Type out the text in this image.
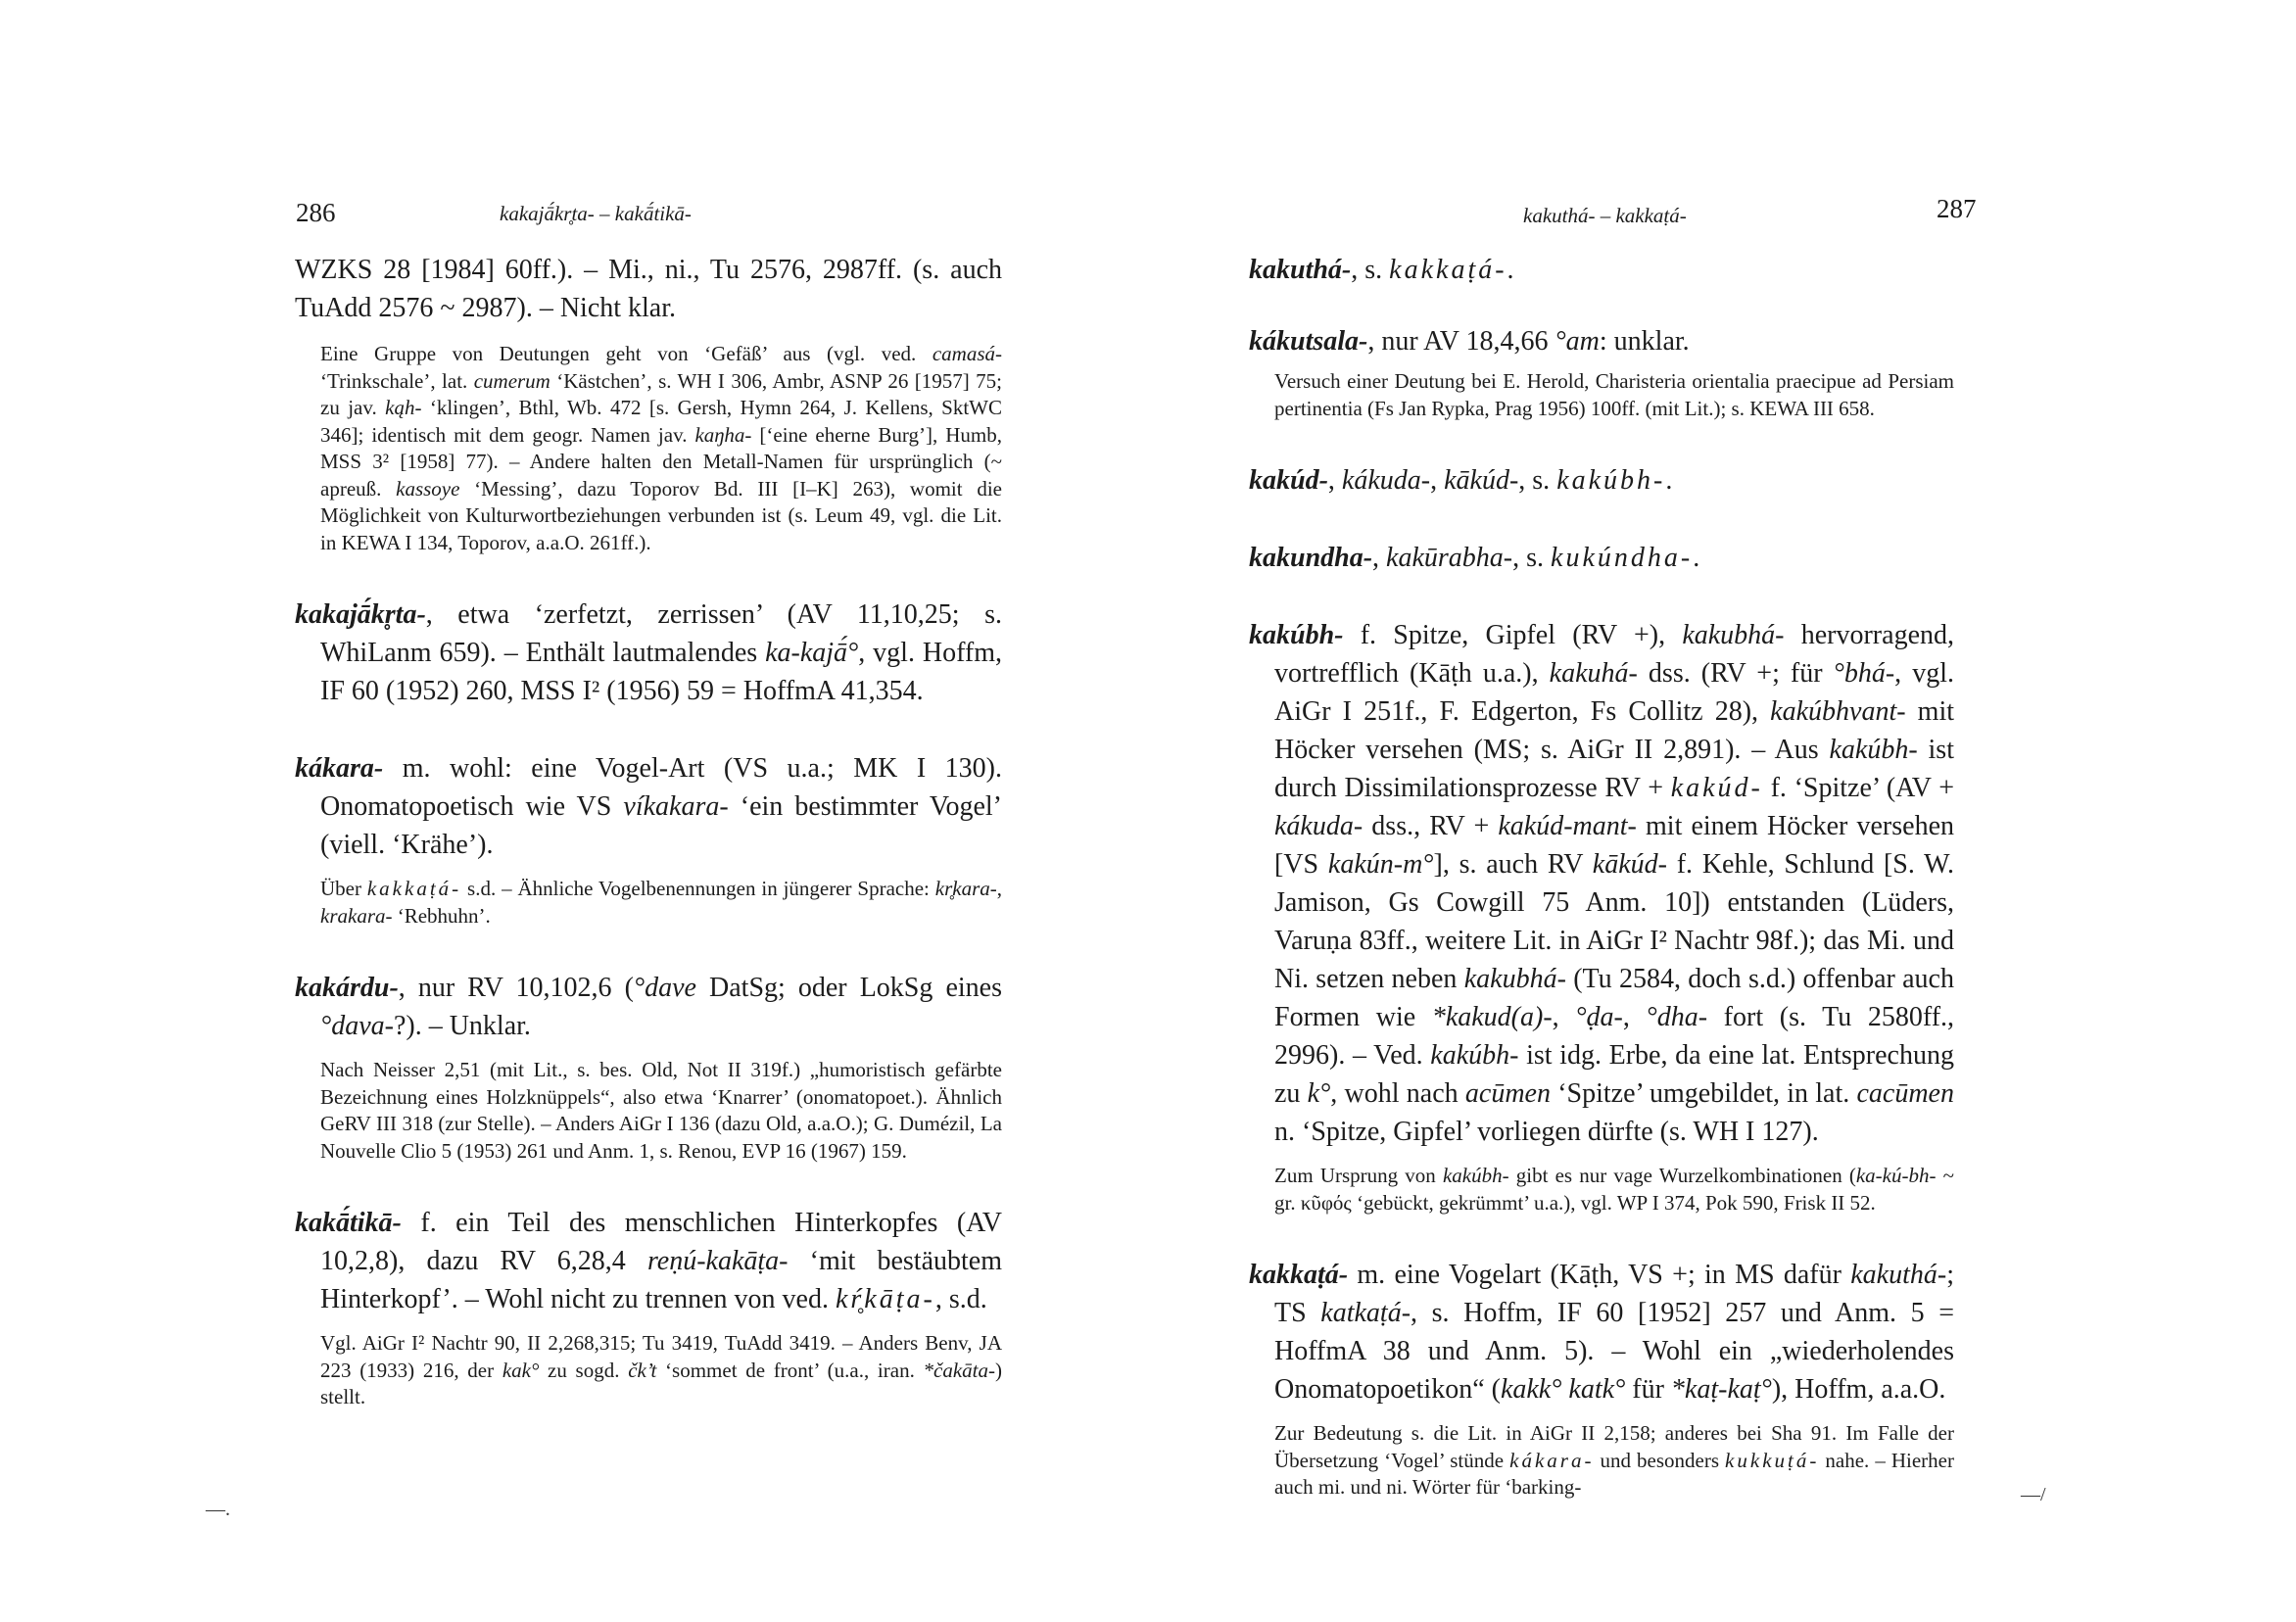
286	kakajā́kr̥ta- – kakā́tikā-

WZKS 28 [1984] 60ff.). – Mi., ni., Tu 2576, 2987ff. (s. auch TuAdd 2576 ~ 2987). – Nicht klar.

Eine Gruppe von Deutungen geht von ‘Gefäß’ aus (vgl. ved. camasá- ‘Trinkschale’, lat. cumerum ‘Kästchen’, s. WH I 306, Ambr, ASNP 26 [1957] 75; zu jav. kąh- ‘klingen’, Bthl, Wb. 472 [s. Gersh, Hymn 264, J. Kellens, SktWC 346]; identisch mit dem geogr. Namen jav. kaŋha- [‘eine eherne Burg’], Humb, MSS 3² [1958] 77). – Andere halten den Metall-Namen für ursprünglich (~ apreuß. kassoye ‘Messing’, dazu Toporov Bd. III [I–K] 263), womit die Möglichkeit von Kulturwortbeziehungen verbunden ist (s. Leum 49, vgl. die Lit. in KEWA I 134, Toporov, a.a.O. 261ff.).

kakajā́kr̥ta-, etwa ‘zerfetzt, zerrissen’ (AV 11,10,25; s. WhiLanm 659). – Enthält lautmalendes ka-kajā́°, vgl. Hoffm, IF 60 (1952) 260, MSS I² (1956) 59 = HoffmA 41,354.

kákara- m. wohl: eine Vogel-Art (VS u.a.; MK I 130). Onomatopoetisch wie VS víkakara- ‘ein bestimmter Vogel’ (viell. ‘Krähe’).

Über kakkaṭá- s.d. – Ähnliche Vogelbenennungen in jüngerer Sprache: kr̥kara-, krakara- ‘Rebhuhn’.

kakárdu-, nur RV 10,102,6 (°dave DatSg; oder LokSg eines °dava-?). – Unklar.

Nach Neisser 2,51 (mit Lit., s. bes. Old, Not II 319f.) „humoristisch gefärbte Bezeichnung eines Holzknüppels“, also etwa ‘Knarrer’ (onomatopoet.). Ähnlich GeRV III 318 (zur Stelle). – Anders AiGr I 136 (dazu Old, a.a.O.); G. Dumézil, La Nouvelle Clio 5 (1953) 261 und Anm. 1, s. Renou, EVP 16 (1967) 159.

kakā́tikā- f. ein Teil des menschlichen Hinterkopfes (AV 10,2,8), dazu RV 6,28,4 reṇú-kakāṭa- ‘mit bestäubtem Hinterkopf’. – Wohl nicht zu trennen von ved. kŕ̥kāṭa-, s.d.

Vgl. AiGr I² Nachtr 90, II 2,268,315; Tu 3419, TuAdd 3419. – Anders Benv, JA 223 (1933) 216, der kak° zu sogd. čk’t ‘sommet de front’ (u.a., iran. *čakāta-) stellt.

—.
287
kakuthá- – kakkaṭá-

kakuthá-, s. kakkaṭá-.

kákutsala-, nur AV 18,4,66 °am: unklar.

Versuch einer Deutung bei E. Herold, Charisteria orientalia praecipue ad Persiam pertinentia (Fs Jan Rypka, Prag 1956) 100ff. (mit Lit.); s. KEWA III 658.

kakúd-, kákuda-, kākúd-, s. kakúbh-.

kakundha-, kakūrabha-, s. kukúndha-.

kakúbh- f. Spitze, Gipfel (RV +), kakubhá- hervorragend, vortrefflich (Kāṭh u.a.), kakuhá- dss. (RV +; für °bhá-, vgl. AiGr I 251f., F. Edgerton, Fs Collitz 28), kakúbhvant- mit Höcker versehen (MS; s. AiGr II 2,891). – Aus kakúbh- ist durch Dissimilationsprozesse RV + kakúd- f. ‘Spitze’ (AV + kákuda- dss., RV + kakúd-mant- mit einem Höcker versehen [VS kakún-m°], s. auch RV kākúd- f. Kehle, Schlund [S. W. Jamison, Gs Cowgill 75 Anm. 10]) entstanden (Lüders, Varuṇa 83ff., weitere Lit. in AiGr I² Nachtr 98f.); das Mi. und Ni. setzen neben kakubhá- (Tu 2584, doch s.d.) offenbar auch Formen wie *kakud(a)-, °ḍa-, °dha- fort (s. Tu 2580ff., 2996). – Ved. kakúbh- ist idg. Erbe, da eine lat. Entsprechung zu k°, wohl nach acūmen ‘Spitze’ umgebildet, in lat. cacūmen n. ‘Spitze, Gipfel’ vorliegen dürfte (s. WH I 127).

Zum Ursprung von kakúbh- gibt es nur vage Wurzelkombinationen (ka-kú-bh- ~ gr. κῦφός ‘gebückt, gekrümmt’ u.a.), vgl. WP I 374, Pok 590, Frisk II 52.

kakkaṭá- m. eine Vogelart (Kāṭh, VS +; in MS dafür kakuthá-; TS katkaṭá-, s. Hoffm, IF 60 [1952] 257 und Anm. 5 = HoffmA 38 und Anm. 5). – Wohl ein „wiederholendes Onomatopoetikon“ (kakk° katk° für *kaṭ-kaṭ°), Hoffm, a.a.O.

Zur Bedeutung s. die Lit. in AiGr II 2,158; anderes bei Sha 91. Im Falle der Übersetzung ‘Vogel’ stünde kákara- und besonders kukkuṭá- nahe. – Hierher auch mi. und ni. Wörter für ‘barking-	—/
